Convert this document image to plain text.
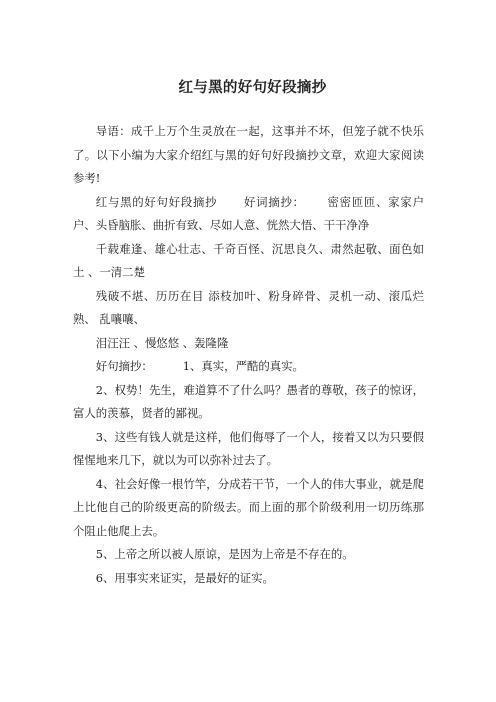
红与黑的好句好段摘抄

导语：成千上万个生灵放在一起，这事并不坏，但笼子就不快乐了。以下小编为大家介绍红与黑的好句好段摘抄文章，欢迎大家阅读参考!

红与黑的好句好段摘抄 好词摘抄： 密密匝匝、家家户户、头昏脑胀、曲折有致、尽如人意、恍然大悟、干干净净

千载难逢、雄心壮志、千奇百怪、沉思良久、肃然起敬、面色如土 、一清二楚

残破不堪、历历在目 添枝加叶、粉身碎骨、灵机一动、滚瓜烂熟、 乱嚷嚷、

泪汪汪 、慢悠悠 、轰隆隆

好句摘抄：	1、真实，严酷的真实。

2、权势！先生，难道算不了什么吗？愚者的尊敬，孩子的惊讶，富人的羡慕，贤者的鄙视。

3、这些有钱人就是这样，他们侮辱了一个人，接着又以为只要假惺惺地来几下，就以为可以弥补过去了。

4、社会好像一根竹竿，分成若干节，一个人的伟大事业，就是爬上比他自己的阶级更高的阶级去。而上面的那个阶级利用一切历练那个阻止他爬上去。

5、上帝之所以被人原谅，是因为上帝是不存在的。

6、用事实来证实，是最好的证实。
